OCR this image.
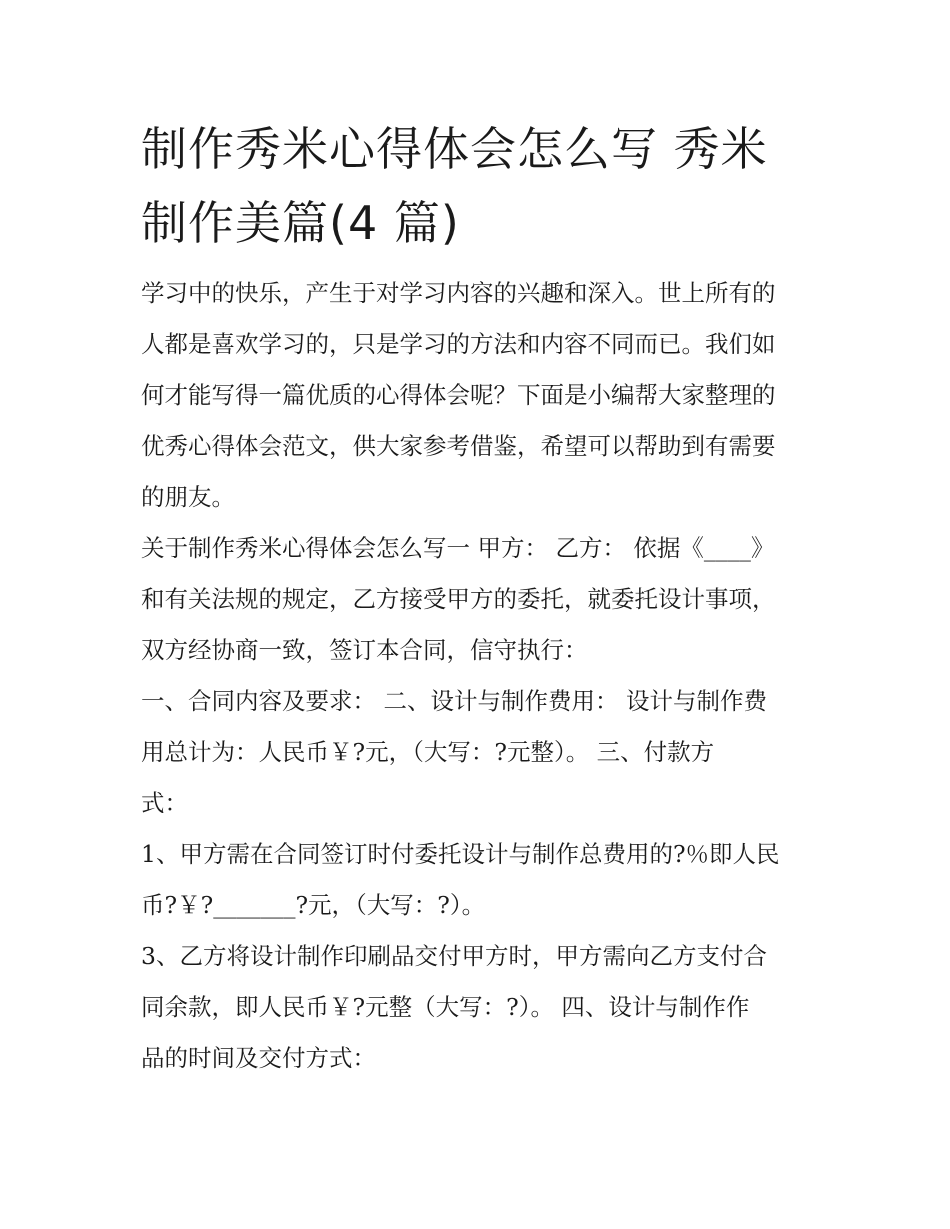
制作秀米心得体会怎么写 秀米
制作美篇(4 篇)

学习中的快乐，产生于对学习内容的兴趣和深入。世上所有的
人都是喜欢学习的，只是学习的方法和内容不同而已。我们如
何才能写得一篇优质的心得体会呢？下面是小编帮大家整理的
优秀心得体会范文，供大家参考借鉴，希望可以帮助到有需要
的朋友。

关于制作秀米心得体会怎么写一 甲方： 乙方： 依据《____》
和有关法规的规定，乙方接受甲方的委托，就委托设计事项，
双方经协商一致，签订本合同，信守执行：

一、合同内容及要求： 二、设计与制作费用： 设计与制作费
用总计为：人民币￥?元，（大写：?元整）。 三、付款方
式：

1、甲方需在合同签订时付委托设计与制作总费用的?％即人民
币?￥?_______?元，（大写：?）。

3、乙方将设计制作印刷品交付甲方时，甲方需向乙方支付合
同余款，即人民币￥?元整（大写：?）。 四、设计与制作作
品的时间及交付方式：
